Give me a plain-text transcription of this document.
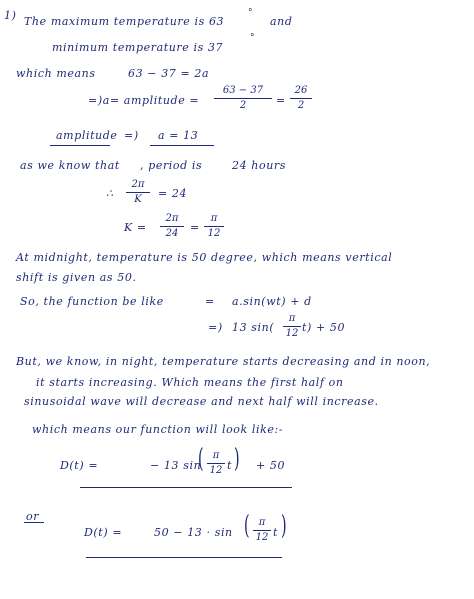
1) The maximum temperature is 63
°
and
minimum temperature is 37
°
which means	63 − 37 = 2a
=)a= amplitude =
63 − 37
2	=
26
2
amplitude =) a = 13
as we know that , period is	24 hours
∴
2π
K = 24
K =
2π
24 =
π
12
At midnight, temperature is 50 degree, which means vertical
shift is given as 50.
So, the function be like	= a.sin(wt) + d
=) 13 sin(
π
12 t) + 50
But, we know, in night, temperature starts decreasing and in noon,
it starts increasing. Which means the first half on
sinusoidal wave will decrease and next half will increase.
which means our function will look like:-
D(t) =	− 13 sin
π
12 t + 50
or
D(t) =	50 − 13 · sin
π
12 t
( )
( )
